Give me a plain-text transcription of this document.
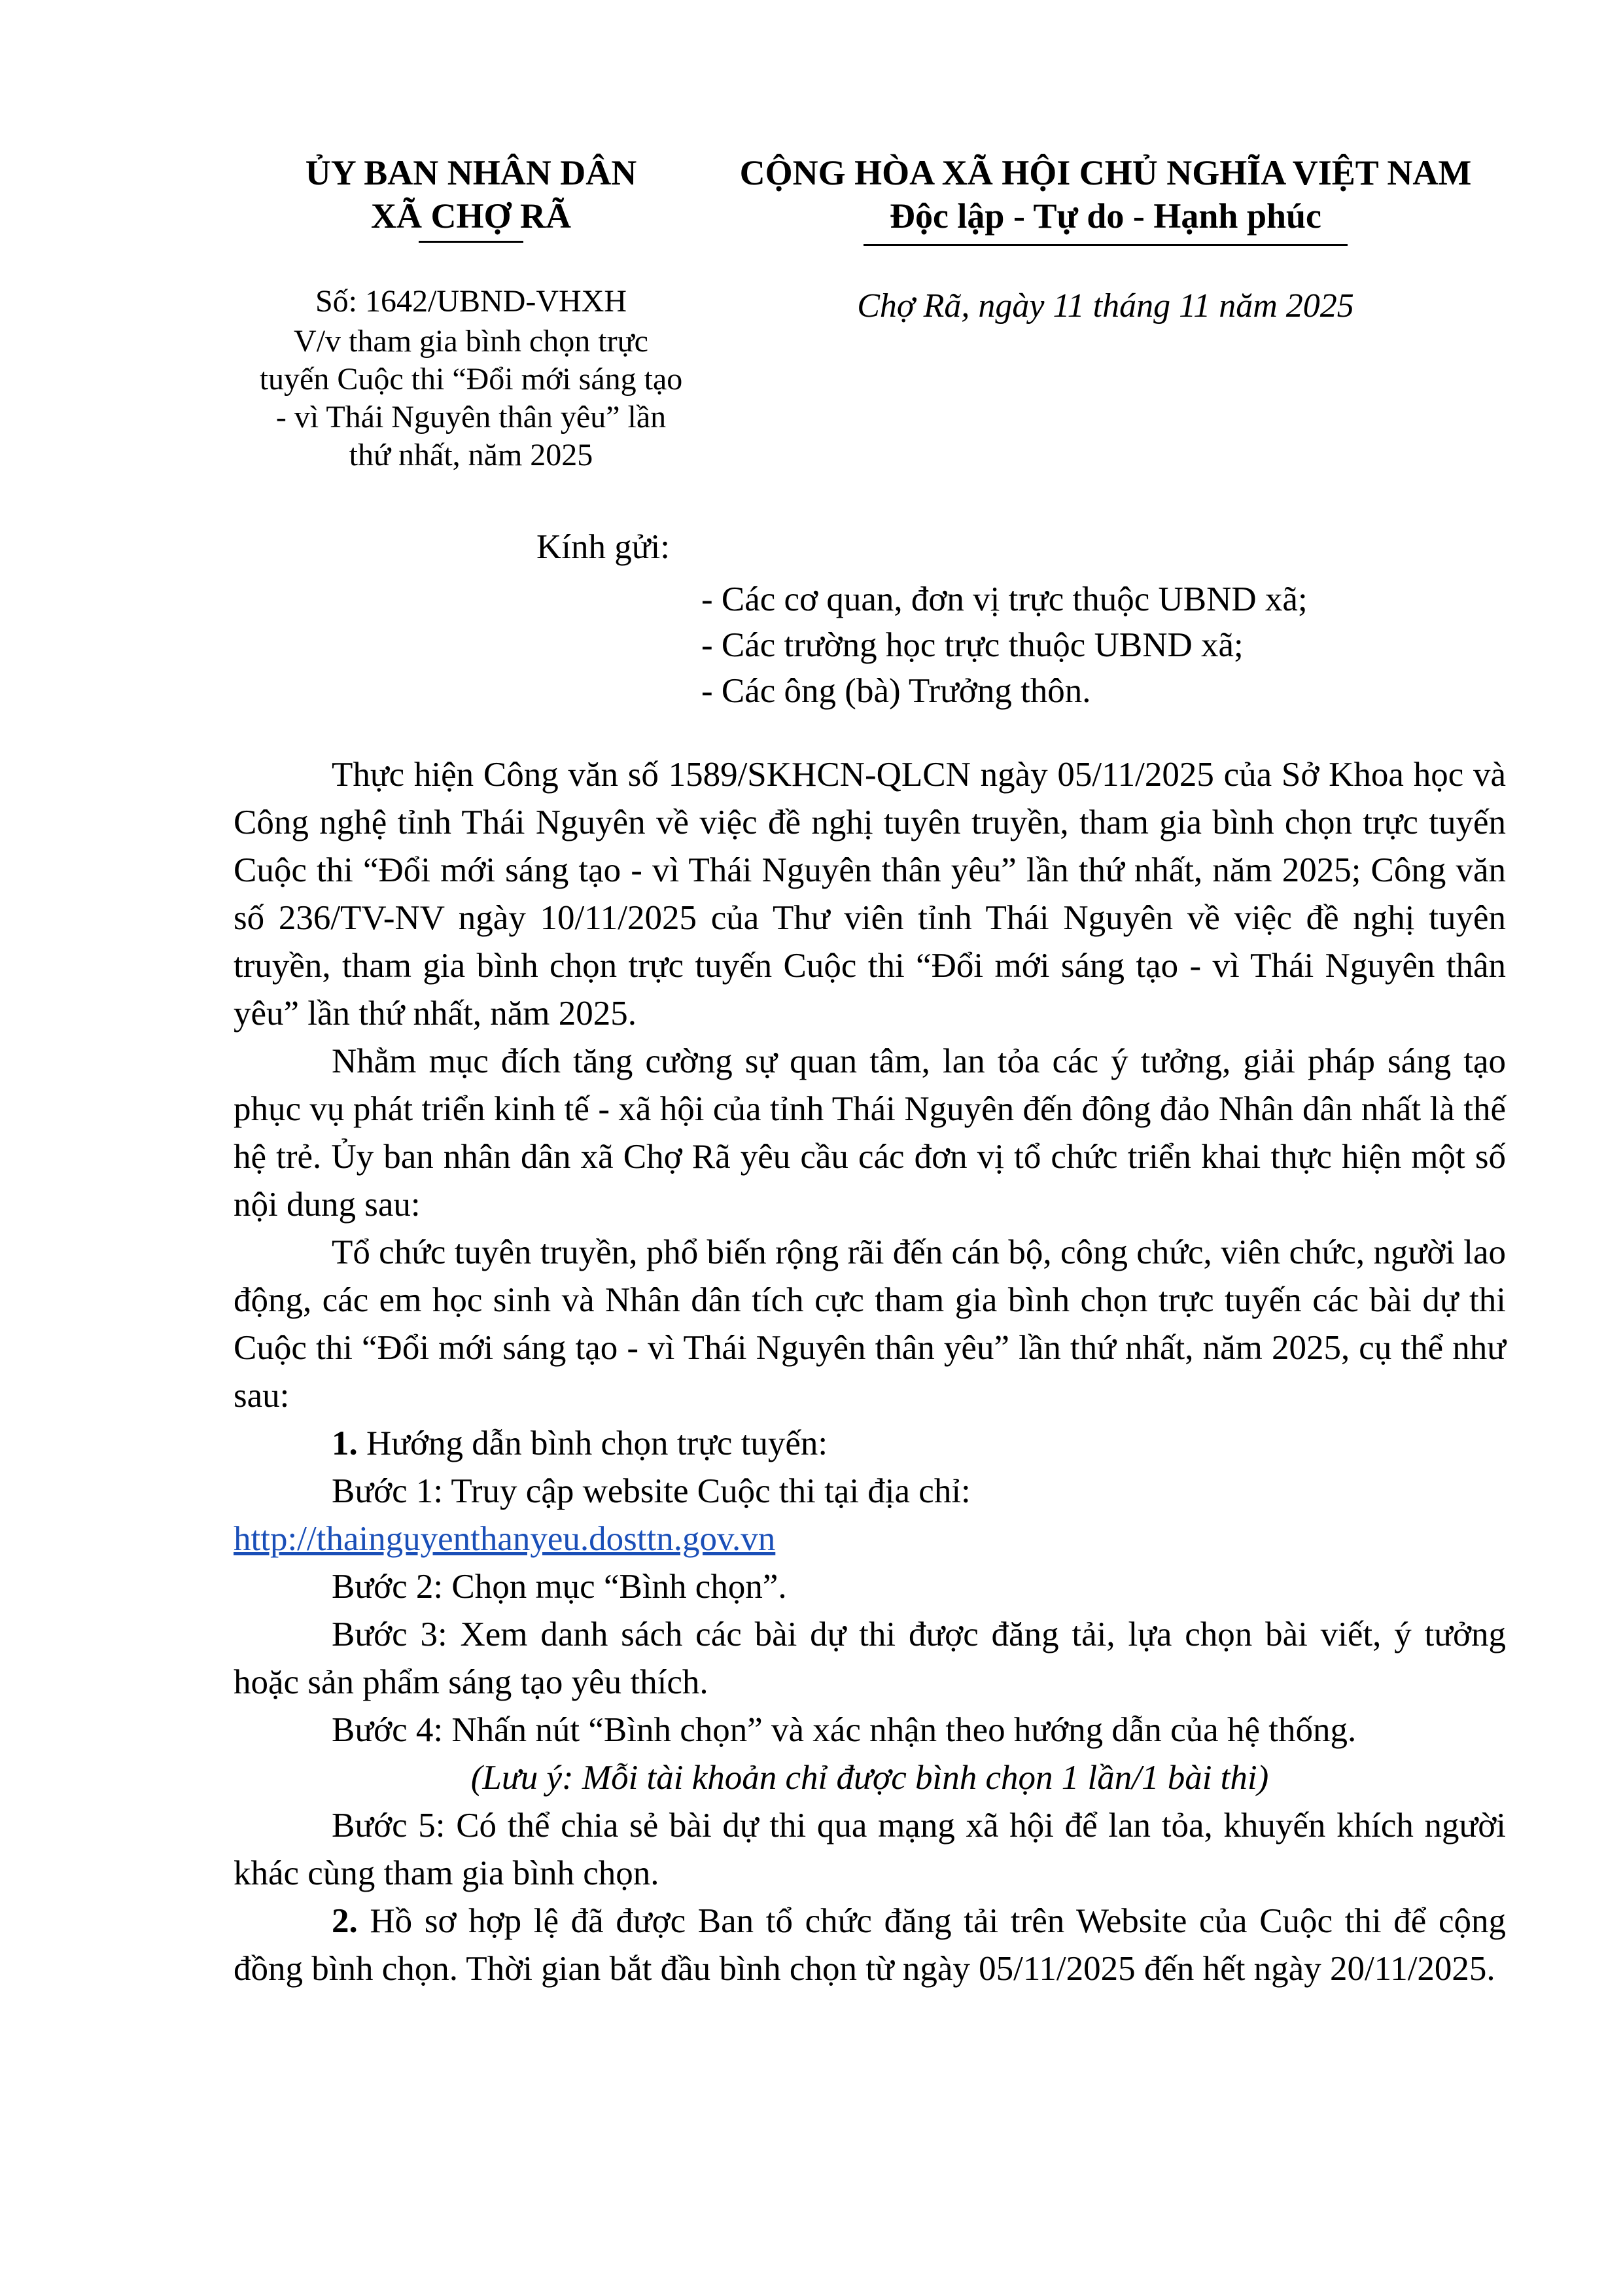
ỦY BAN NHÂN DÂN
XÃ CHỢ RÃ
CỘNG HÒA XÃ HỘI CHỦ NGHĨA VIỆT NAM
Độc lập - Tự do - Hạnh phúc
Số: 1642/UBND-VHXH
V/v tham gia bình chọn trực
tuyến Cuộc thi “Đổi mới sáng tạo
- vì Thái Nguyên thân yêu” lần
thứ nhất, năm 2025
Chợ Rã, ngày 11 tháng 11 năm 2025
Kính gửi:
- Các cơ quan, đơn vị trực thuộc UBND xã;
- Các trường học trực thuộc UBND xã;
- Các ông (bà) Trưởng thôn.
Thực hiện Công văn số 1589/SKHCN-QLCN ngày 05/11/2025 của Sở Khoa học và Công nghệ tỉnh Thái Nguyên về việc đề nghị tuyên truyền, tham gia bình chọn trực tuyến Cuộc thi “Đổi mới sáng tạo - vì Thái Nguyên thân yêu” lần thứ nhất, năm 2025; Công văn số 236/TV-NV ngày 10/11/2025 của Thư viên tỉnh Thái Nguyên về việc đề nghị tuyên truyền, tham gia bình chọn trực tuyến Cuộc thi “Đổi mới sáng tạo - vì Thái Nguyên thân yêu” lần thứ nhất, năm 2025.
Nhằm mục đích tăng cường sự quan tâm, lan tỏa các ý tưởng, giải pháp sáng tạo phục vụ phát triển kinh tế - xã hội của tỉnh Thái Nguyên đến đông đảo Nhân dân nhất là thế hệ trẻ. Ủy ban nhân dân xã Chợ Rã yêu cầu các đơn vị tổ chức triển khai thực hiện một số nội dung sau:
Tổ chức tuyên truyền, phổ biến rộng rãi đến cán bộ, công chức, viên chức, người lao động, các em học sinh và Nhân dân tích cực tham gia bình chọn trực tuyến các bài dự thi Cuộc thi “Đổi mới sáng tạo - vì Thái Nguyên thân yêu” lần thứ nhất, năm 2025, cụ thể như sau:
1. Hướng dẫn bình chọn trực tuyến:
Bước 1: Truy cập website Cuộc thi tại địa chỉ:
http://thainguyenthanyeu.dosttn.gov.vn
Bước 2: Chọn mục “Bình chọn”.
Bước 3: Xem danh sách các bài dự thi được đăng tải, lựa chọn bài viết, ý tưởng hoặc sản phẩm sáng tạo yêu thích.
Bước 4: Nhấn nút “Bình chọn” và xác nhận theo hướng dẫn của hệ thống.
(Lưu ý: Mỗi tài khoản chỉ được bình chọn 1 lần/1 bài thi)
Bước 5: Có thể chia sẻ bài dự thi qua mạng xã hội để lan tỏa, khuyến khích người khác cùng tham gia bình chọn.
2. Hồ sơ hợp lệ đã được Ban tổ chức đăng tải trên Website của Cuộc thi để cộng đồng bình chọn. Thời gian bắt đầu bình chọn từ ngày 05/11/2025 đến hết ngày 20/11/2025.
